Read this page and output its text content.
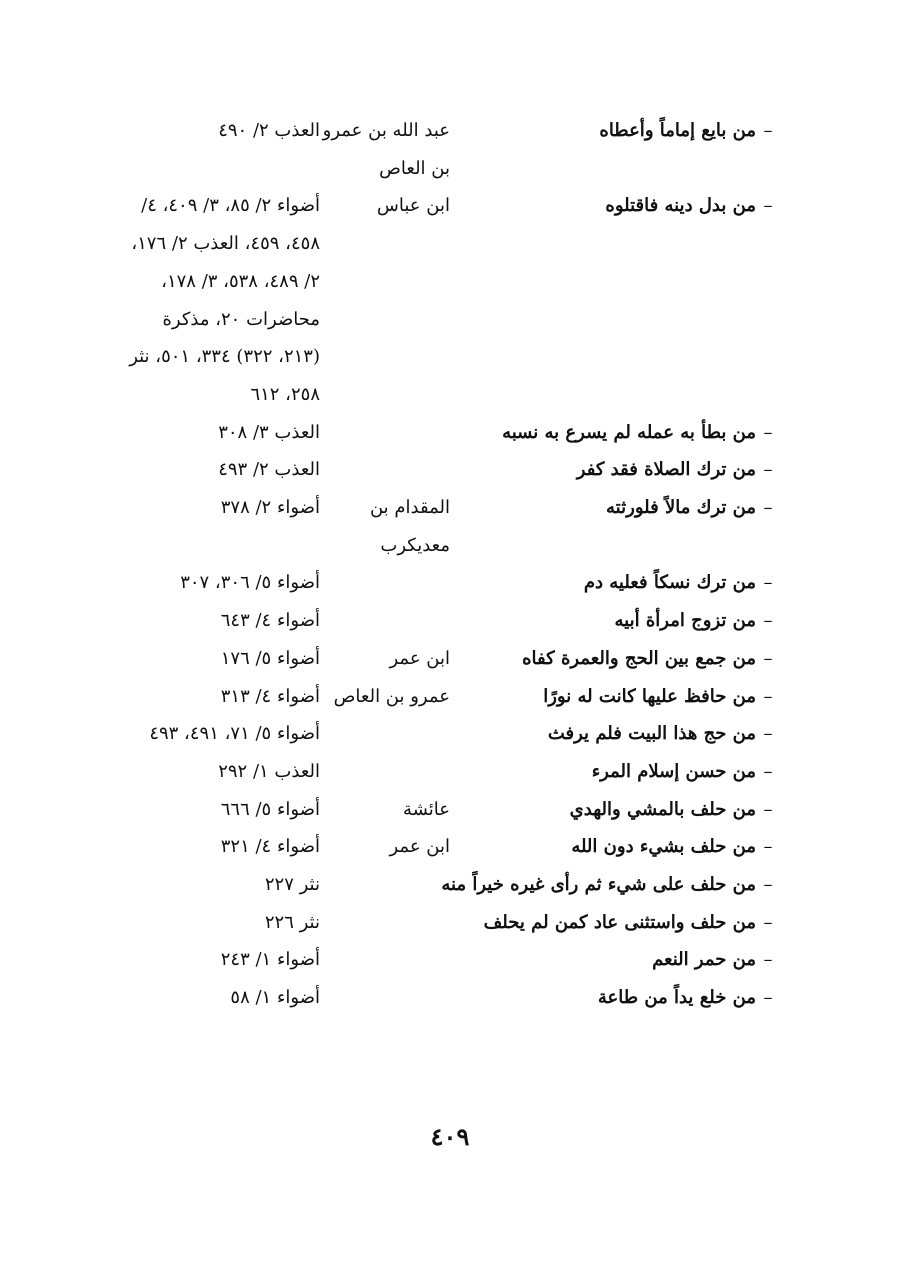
–
من بايع إماماً وأعطاه
عبد الله بن عمرو بن العاص
العذب ٢/ ٤٩٠
–
من بدل دينه فاقتلوه
ابن عباس
أضواء ٢/ ٨٥، ٣/ ٤٠٩، ٤/ ٤٥٨، ٤٥٩، العذب ٢/ ١٧٦، ٢/ ٤٨٩، ٥٣٨، ٣/ ١٧٨، محاضرات ٢٠، مذكرة (٢١٣، ٣٢٢) ٣٣٤، ٥٠١، نثر ٢٥٨، ٦١٢
–
من بطأ به عمله لم يسرع به نسبه
العذب ٣/ ٣٠٨
–
من ترك الصلاة فقد كفر
العذب ٢/ ٤٩٣
–
من ترك مالاً فلورثته
المقدام بن معديكرب
أضواء ٢/ ٣٧٨
–
من ترك نسكاً فعليه دم
أضواء ٥/ ٣٠٦، ٣٠٧
–
من تزوج امرأة أبيه
أضواء ٤/ ٦٤٣
–
من جمع بين الحج والعمرة كفاه
ابن عمر
أضواء ٥/ ١٧٦
–
من حافظ عليها كانت له نورًا
عمرو بن العاص
أضواء ٤/ ٣١٣
–
من حج هذا البيت فلم يرفث
أضواء ٥/ ٧١، ٤٩١، ٤٩٣
–
من حسن إسلام المرء
العذب ١/ ٢٩٢
–
من حلف بالمشي والهدي
عائشة
أضواء ٥/ ٦٦٦
–
من حلف بشيء دون الله
ابن عمر
أضواء ٤/ ٣٢١
–
من حلف على شيء ثم رأى غيره خيراً منه
نثر ٢٢٧
–
من حلف واستثنى عاد كمن لم يحلف
نثر ٢٢٦
–
من حمر النعم
أضواء ١/ ٢٤٣
–
من خلع يداً من طاعة
أضواء ١/ ٥٨
٤٠٩
